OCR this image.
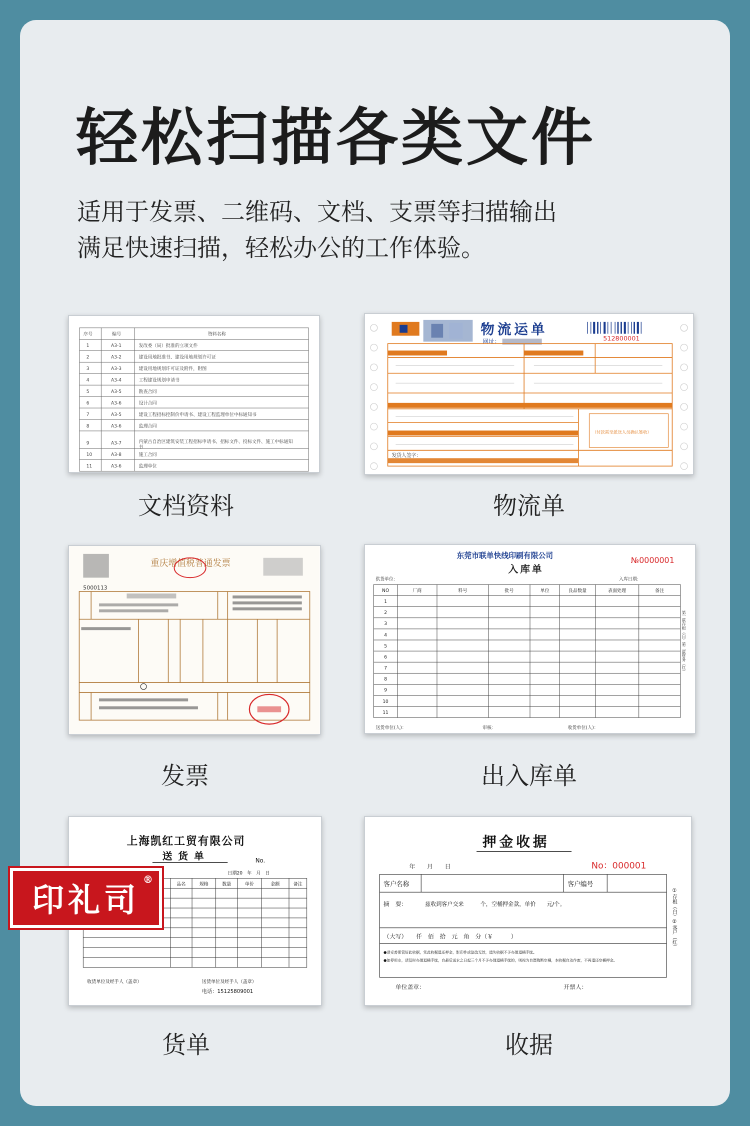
轻松扫描各类文件
适用于发票、二维码、文档、支票等扫描输出
满足快速扫描，轻松办公的工作体验。
序号	编号	资料名称
1	A3-1	发改委（局）批准的立项文件
2	A3-2	建设用地批准书、建设用地规划许可证
3	A3-3	建设用地规划许可证及附件，附图
4	A3-4	工程建设规划申请书
5	A3-5	勘查合同
6	A3-6	设计合同
7	A3-5	建设工程招标控制价申请书、建设工程监理单位中标通知书
8	A3-6	监理合同
9	A3-7	内蒙古自治区建筑安装工程招标申请书、招标文件、投标文件、施工中标通知书
10	A3-8	施工合同
11	A3-6	监理单位
文档资料
物流运单
网址：	512800001
（付款需至派送人员确认签收）
发货人签字：
物流单
重庆增值税普通发票
5000113
发票
东莞市联单快线印刷有限公司
№0000001
入库单
供货单位：	入库日期：
NO	厂商	料号	批号	单位	良品数量	表面处理	备注
1
2
3
4
5
6
7
8
9
10
11
送货单位(人)：	审核：	收货单位(人)：
第一联存根（白）第二联财务（红）
出入库单
上海凯红工贸有限公司
送货单	No.
日期20　年　月　日
品名	规格	数量	单价	金额	备注
收货单位及经手人（盖章）	送货单位及经手人（盖章）
电话：15125809001
货单
印礼司
®
押金收据
No：000001
年　　月　　日
客户名称	客户编号
摘　要：	兹收到客户交来　　　个，空桶押金款，单价　　元/个。
（大写）　　仟　佰　拾　元　角　分（￥　　　）
●请妥善保管好此收据，凭此收据退还押金，影印件或涂改无效，遗失收据不予办理退桶手续。
●如停用水，请及时办理退桶手续，自最后送水之日起三个月不予办理退桶手续的，则视为自愿购断空桶，本收据自动作废，不再退还空桶押金。
单位盖章：	开票人：
①存根（白）②客户（红）
收据
